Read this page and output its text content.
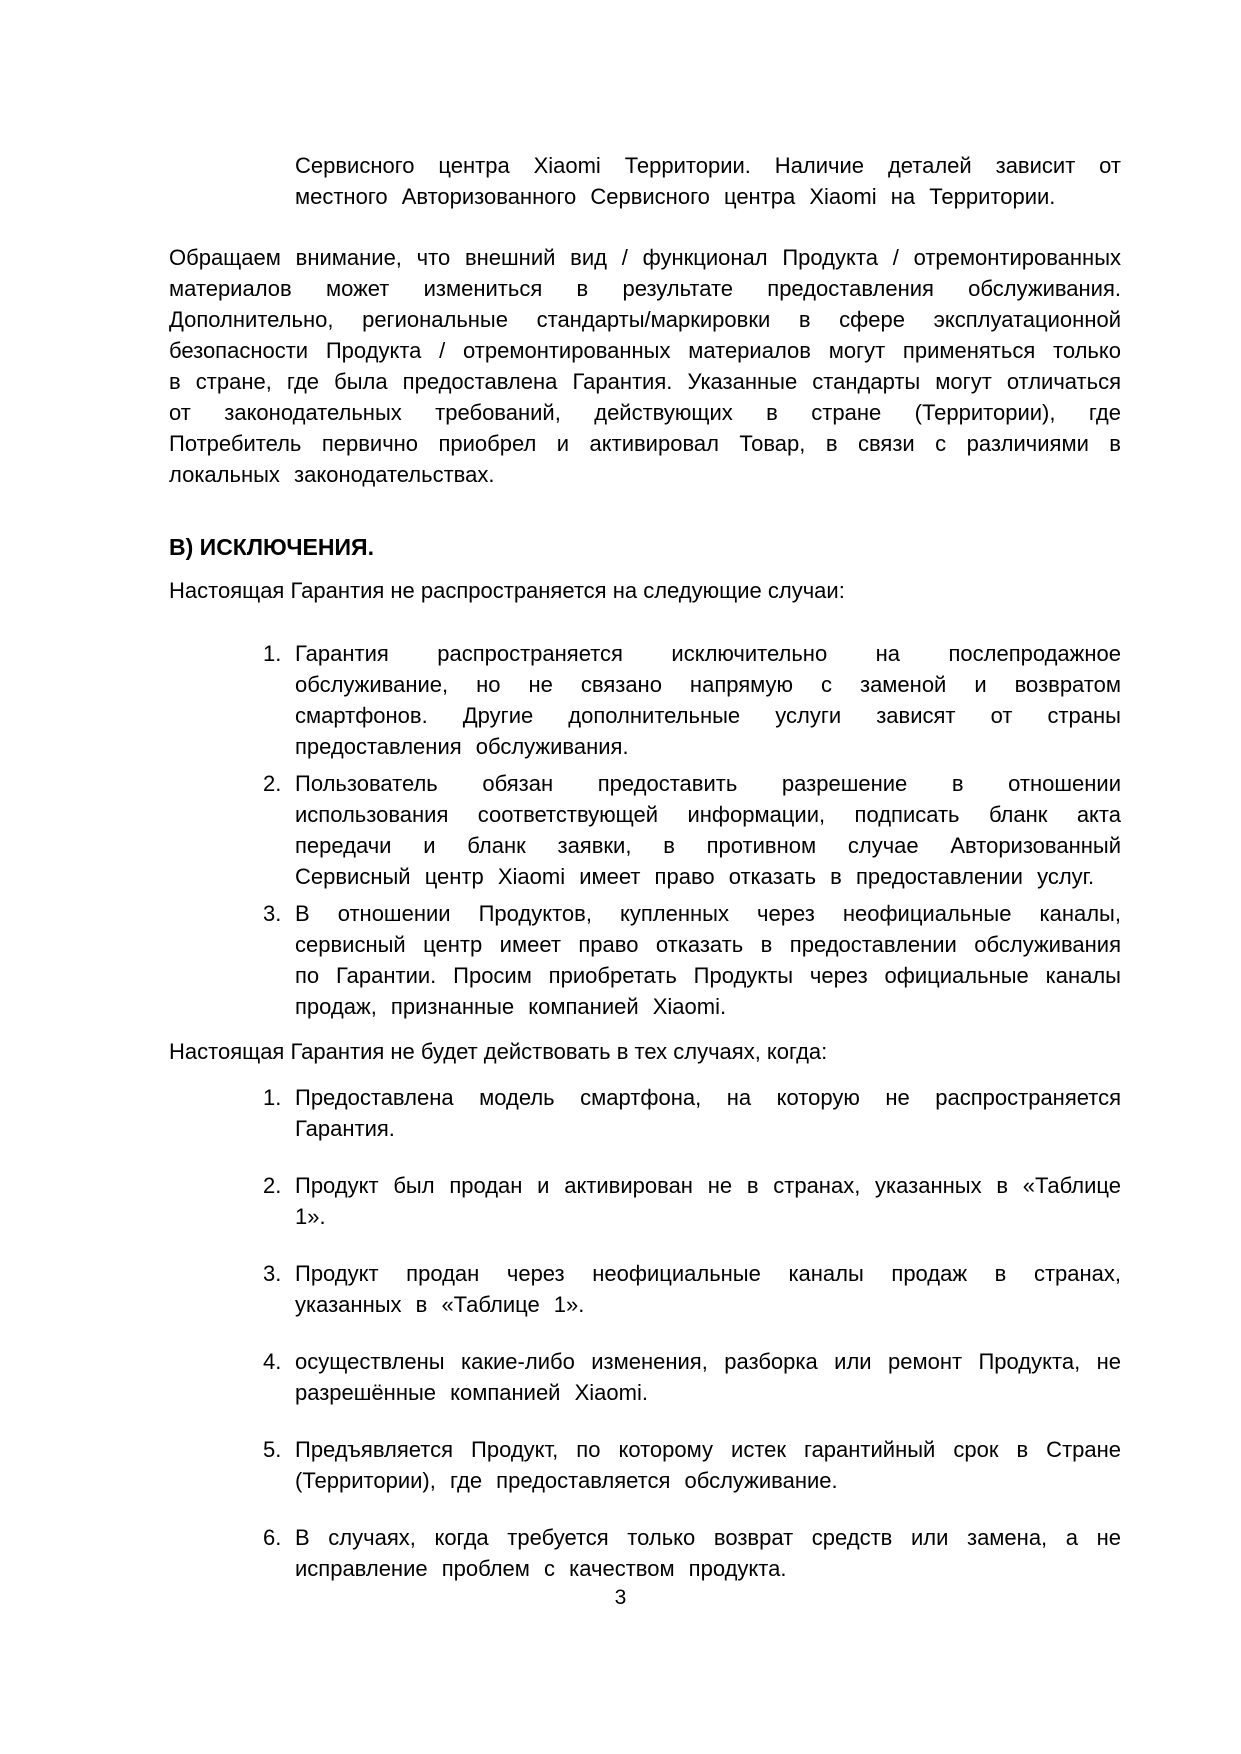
Сервисного центра Xiaomi Территории. Наличие деталей зависит от местного Авторизованного Сервисного центра Xiaomi на Территории.

Обращаем внимание, что внешний вид / функционал Продукта / отремонтированных материалов может измениться в результате предоставления обслуживания. Дополнительно, региональные стандарты/маркировки в сфере эксплуатационной безопасности Продукта / отремонтированных материалов могут применяться только в стране, где была предоставлена Гарантия. Указанные стандарты могут отличаться от законодательных требований, действующих в стране (Территории), где Потребитель первично приобрел и активировал Товар, в связи с различиями в локальных законодательствах.

В) ИСКЛЮЧЕНИЯ.

Настоящая Гарантия не распространяется на следующие случаи:

1. Гарантия распространяется исключительно на послепродажное обслуживание, но не связано напрямую с заменой и возвратом смартфонов. Другие дополнительные услуги зависят от страны предоставления обслуживания.
2. Пользователь обязан предоставить разрешение в отношении использования соответствующей информации, подписать бланк акта передачи и бланк заявки, в противном случае Авторизованный Сервисный центр Xiaomi имеет право отказать в предоставлении услуг.
3. В отношении Продуктов, купленных через неофициальные каналы, сервисный центр имеет право отказать в предоставлении обслуживания по Гарантии. Просим приобретать Продукты через официальные каналы продаж, признанные компанией Xiaomi.

Настоящая Гарантия не будет действовать в тех случаях, когда:

1. Предоставлена модель смартфона, на которую не распространяется Гарантия.
2. Продукт был продан и активирован не в странах, указанных в «Таблице 1».
3. Продукт продан через неофициальные каналы продаж в странах, указанных в «Таблице 1».
4. осуществлены какие-либо изменения, разборка или ремонт Продукта, не разрешённые компанией Xiaomi.
5. Предъявляется Продукт, по которому истек гарантийный срок в Стране (Территории), где предоставляется обслуживание.
6. В случаях, когда требуется только возврат средств или замена, а не исправление проблем с качеством продукта.
3
